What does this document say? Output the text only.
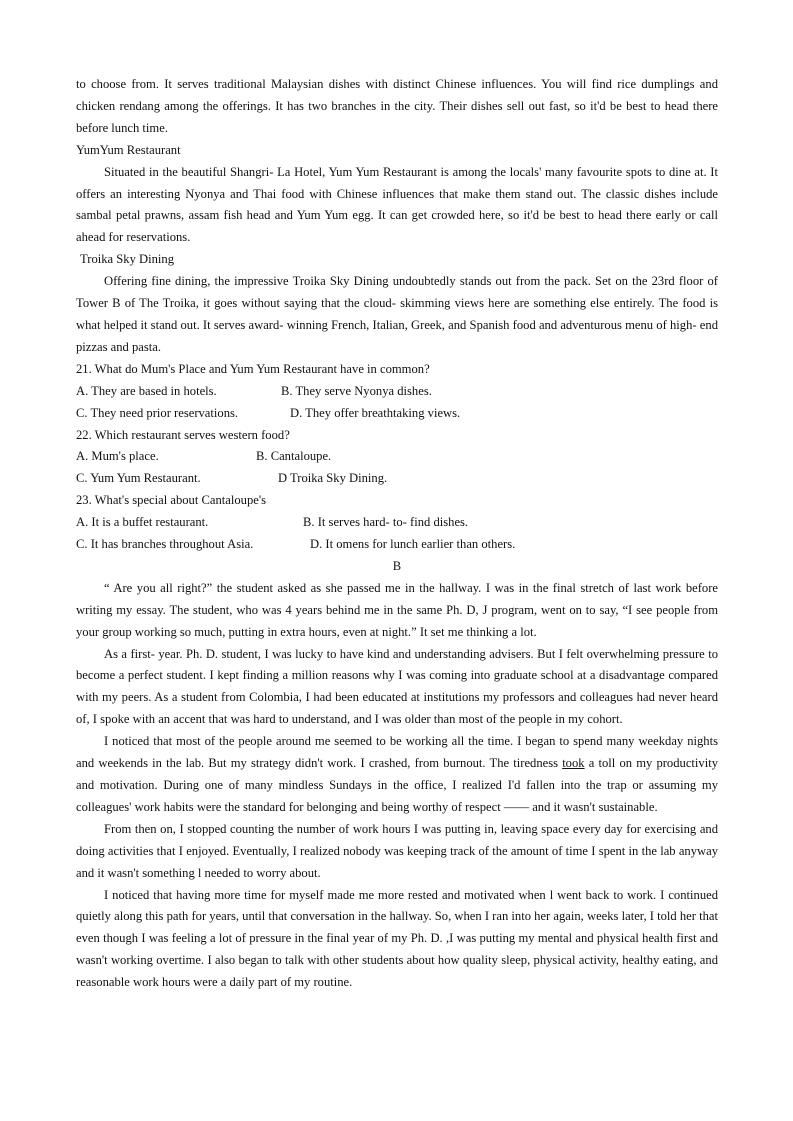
to choose from. It serves traditional Malaysian dishes with distinct Chinese influences. You will find rice dumplings and chicken rendang among the offerings. It has two branches in the city. Their dishes sell out fast, so it'd be best to head there before lunch time.

YumYum Restaurant

Situated in the beautiful Shangri- La Hotel, Yum Yum Restaurant is among the locals' many favourite spots to dine at. It offers an interesting Nyonya and Thai food with Chinese influences that make them stand out. The classic dishes include sambal petal prawns, assam fish head and Yum Yum egg. It can get crowded here, so it'd be best to head there early or call ahead for reservations.

Troika Sky Dining

Offering fine dining, the impressive Troika Sky Dining undoubtedly stands out from the pack. Set on the 23rd floor of Tower B of The Troika, it goes without saying that the cloud- skimming views here are something else entirely. The food is what helped it stand out. It serves award- winning French, Italian, Greek, and Spanish food and adventurous menu of high- end pizzas and pasta.

21. What do Mum's Place and Yum Yum Restaurant have in common?

A. They are based in hotels.	B. They serve Nyonya dishes.
C. They need prior reservations.	D. They offer breathtaking views.

22. Which restaurant serves western food?

A. Mum's place.	B. Cantaloupe.
C. Yum Yum Restaurant.	D Troika Sky Dining.

23. What's special about Cantaloupe's

A. It is a buffet restaurant.	B. It serves hard- to- find dishes.
C. It has branches throughout Asia.	D. It omens for lunch earlier than others.

B

“ Are you all right?” the student asked as she passed me in the hallway. I was in the final stretch of last work before writing my essay. The student, who was 4 years behind me in the same Ph. D, J program, went on to say, “I see people from your group working so much, putting in extra hours, even at night.” It set me thinking a lot.

As a first- year. Ph. D. student, I was lucky to have kind and understanding advisers. But I felt overwhelming pressure to become a perfect student. I kept finding a million reasons why I was coming into graduate school at a disadvantage compared with my peers. As a student from Colombia, I had been educated at institutions my professors and colleagues had never heard of, I spoke with an accent that was hard to understand, and I was older than most of the people in my cohort.

I noticed that most of the people around me seemed to be working all the time. I began to spend many weekday nights and weekends in the lab. But my strategy didn't work. I crashed, from burnout. The tiredness took a toll on my productivity and motivation. During one of many mindless Sundays in the office, I realized I'd fallen into the trap or assuming my colleagues' work habits were the standard for belonging and being worthy of respect —— and it wasn't sustainable.

From then on, I stopped counting the number of work hours I was putting in, leaving space every day for exercising and doing activities that I enjoyed. Eventually, I realized nobody was keeping track of the amount of time I spent in the lab anyway and it wasn't something l needed to worry about.

I noticed that having more time for myself made me more rested and motivated when l went back to work. I continued quietly along this path for years, until that conversation in the hallway. So, when I ran into her again, weeks later, I told her that even though I was feeling a lot of pressure in the final year of my Ph. D. ,I was putting my mental and physical health first and wasn't working overtime. I also began to talk with other students about how quality sleep, physical activity, healthy eating, and reasonable work hours were a daily part of my routine.
